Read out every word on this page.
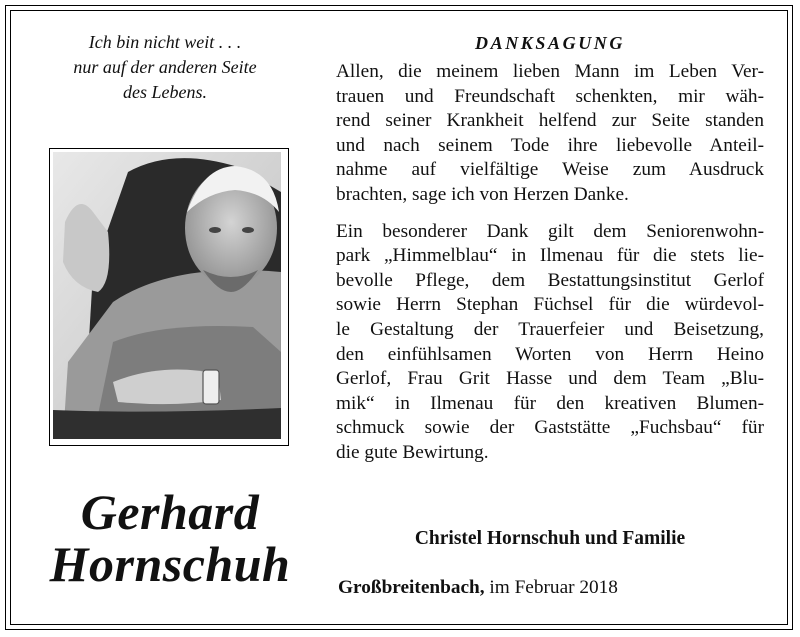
Ich bin nicht weit . . .
nur auf der anderen Seite
des Lebens.
Gerhard
Hornschuh
DANKSAGUNG

Allen, die meinem lieben Mann im Leben Ver-
trauen und Freundschaft schenkten, mir wäh-
rend seiner Krankheit helfend zur Seite standen
und nach seinem Tode ihre liebevolle Anteil-
nahme auf vielfältige Weise zum Ausdruck
brachten, sage ich von Herzen Danke.

Ein besonderer Dank gilt dem Seniorenwohn-
park „Himmelblau“ in Ilmenau für die stets lie-
bevolle Pflege, dem Bestattungsinstitut Gerlof
sowie Herrn Stephan Füchsel für die würdevol-
le Gestaltung der Trauerfeier und Beisetzung,
den einfühlsamen Worten von Herrn Heino
Gerlof, Frau Grit Hasse und dem Team „Blu-
mik“ in Ilmenau für den kreativen Blumen-
schmuck sowie der Gaststätte „Fuchsbau“ für
die gute Bewirtung.

Christel Hornschuh und Familie
Großbreitenbach, im Februar 2018
